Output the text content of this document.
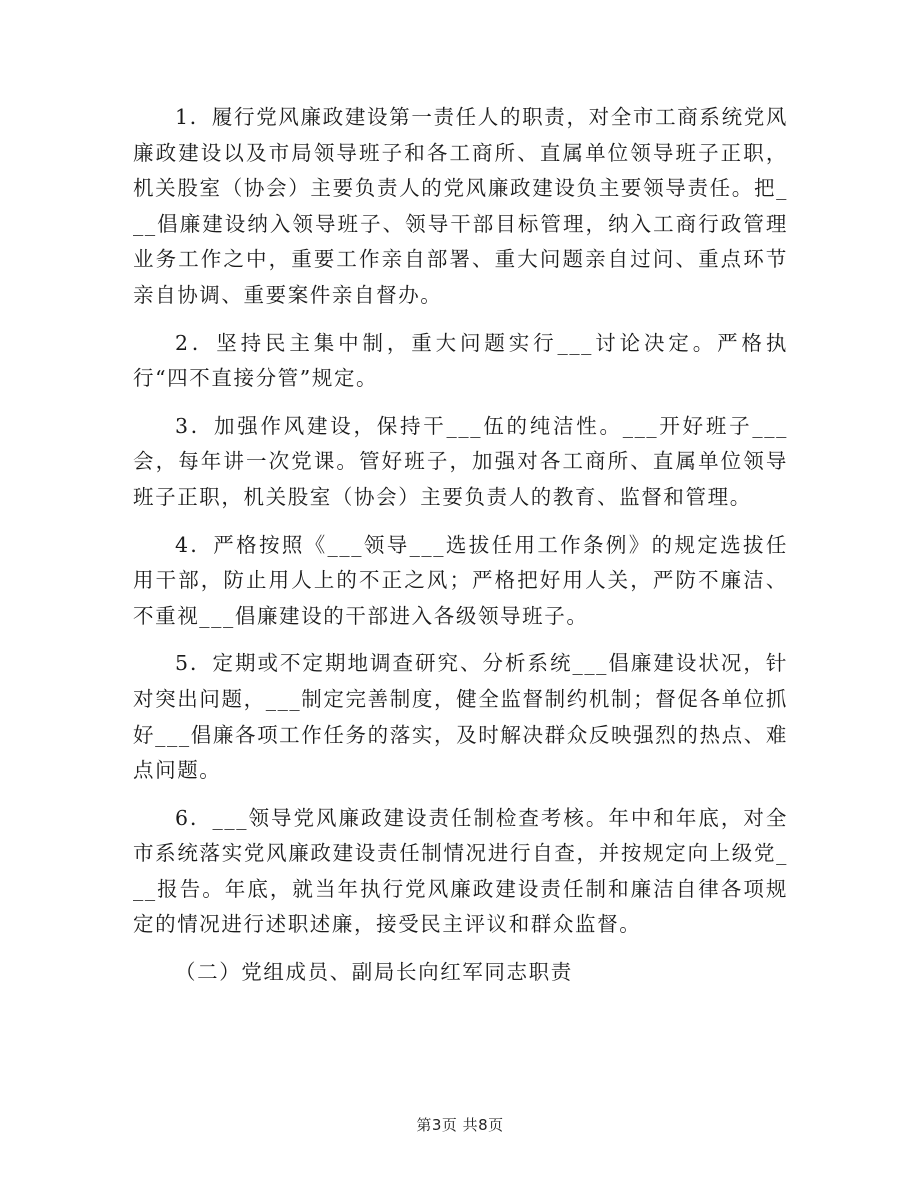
1．履行党风廉政建设第一责任人的职责，对全市工商系统党风廉政建设以及市局领导班子和各工商所、直属单位领导班子正职，机关股室（协会）主要负责人的党风廉政建设负主要领导责任。把___倡廉建设纳入领导班子、领导干部目标管理，纳入工商行政管理业务工作之中，重要工作亲自部署、重大问题亲自过问、重点环节亲自协调、重要案件亲自督办。

2．坚持民主集中制，重大问题实行___讨论决定。严格执行“四不直接分管”规定。

3．加强作风建设，保持干___伍的纯洁性。___开好班子___会，每年讲一次党课。管好班子，加强对各工商所、直属单位领导班子正职，机关股室（协会）主要负责人的教育、监督和管理。

4．严格按照《___领导___选拔任用工作条例》的规定选拔任用干部，防止用人上的不正之风；严格把好用人关，严防不廉洁、不重视___倡廉建设的干部进入各级领导班子。

5．定期或不定期地调查研究、分析系统___倡廉建设状况，针对突出问题，___制定完善制度，健全监督制约机制；督促各单位抓好___倡廉各项工作任务的落实，及时解决群众反映强烈的热点、难点问题。

6．___领导党风廉政建设责任制检查考核。年中和年底，对全市系统落实党风廉政建设责任制情况进行自查，并按规定向上级党___报告。年底，就当年执行党风廉政建设责任制和廉洁自律各项规定的情况进行述职述廉，接受民主评议和群众监督。

（二）党组成员、副局长向红军同志职责

第3页 共8页
